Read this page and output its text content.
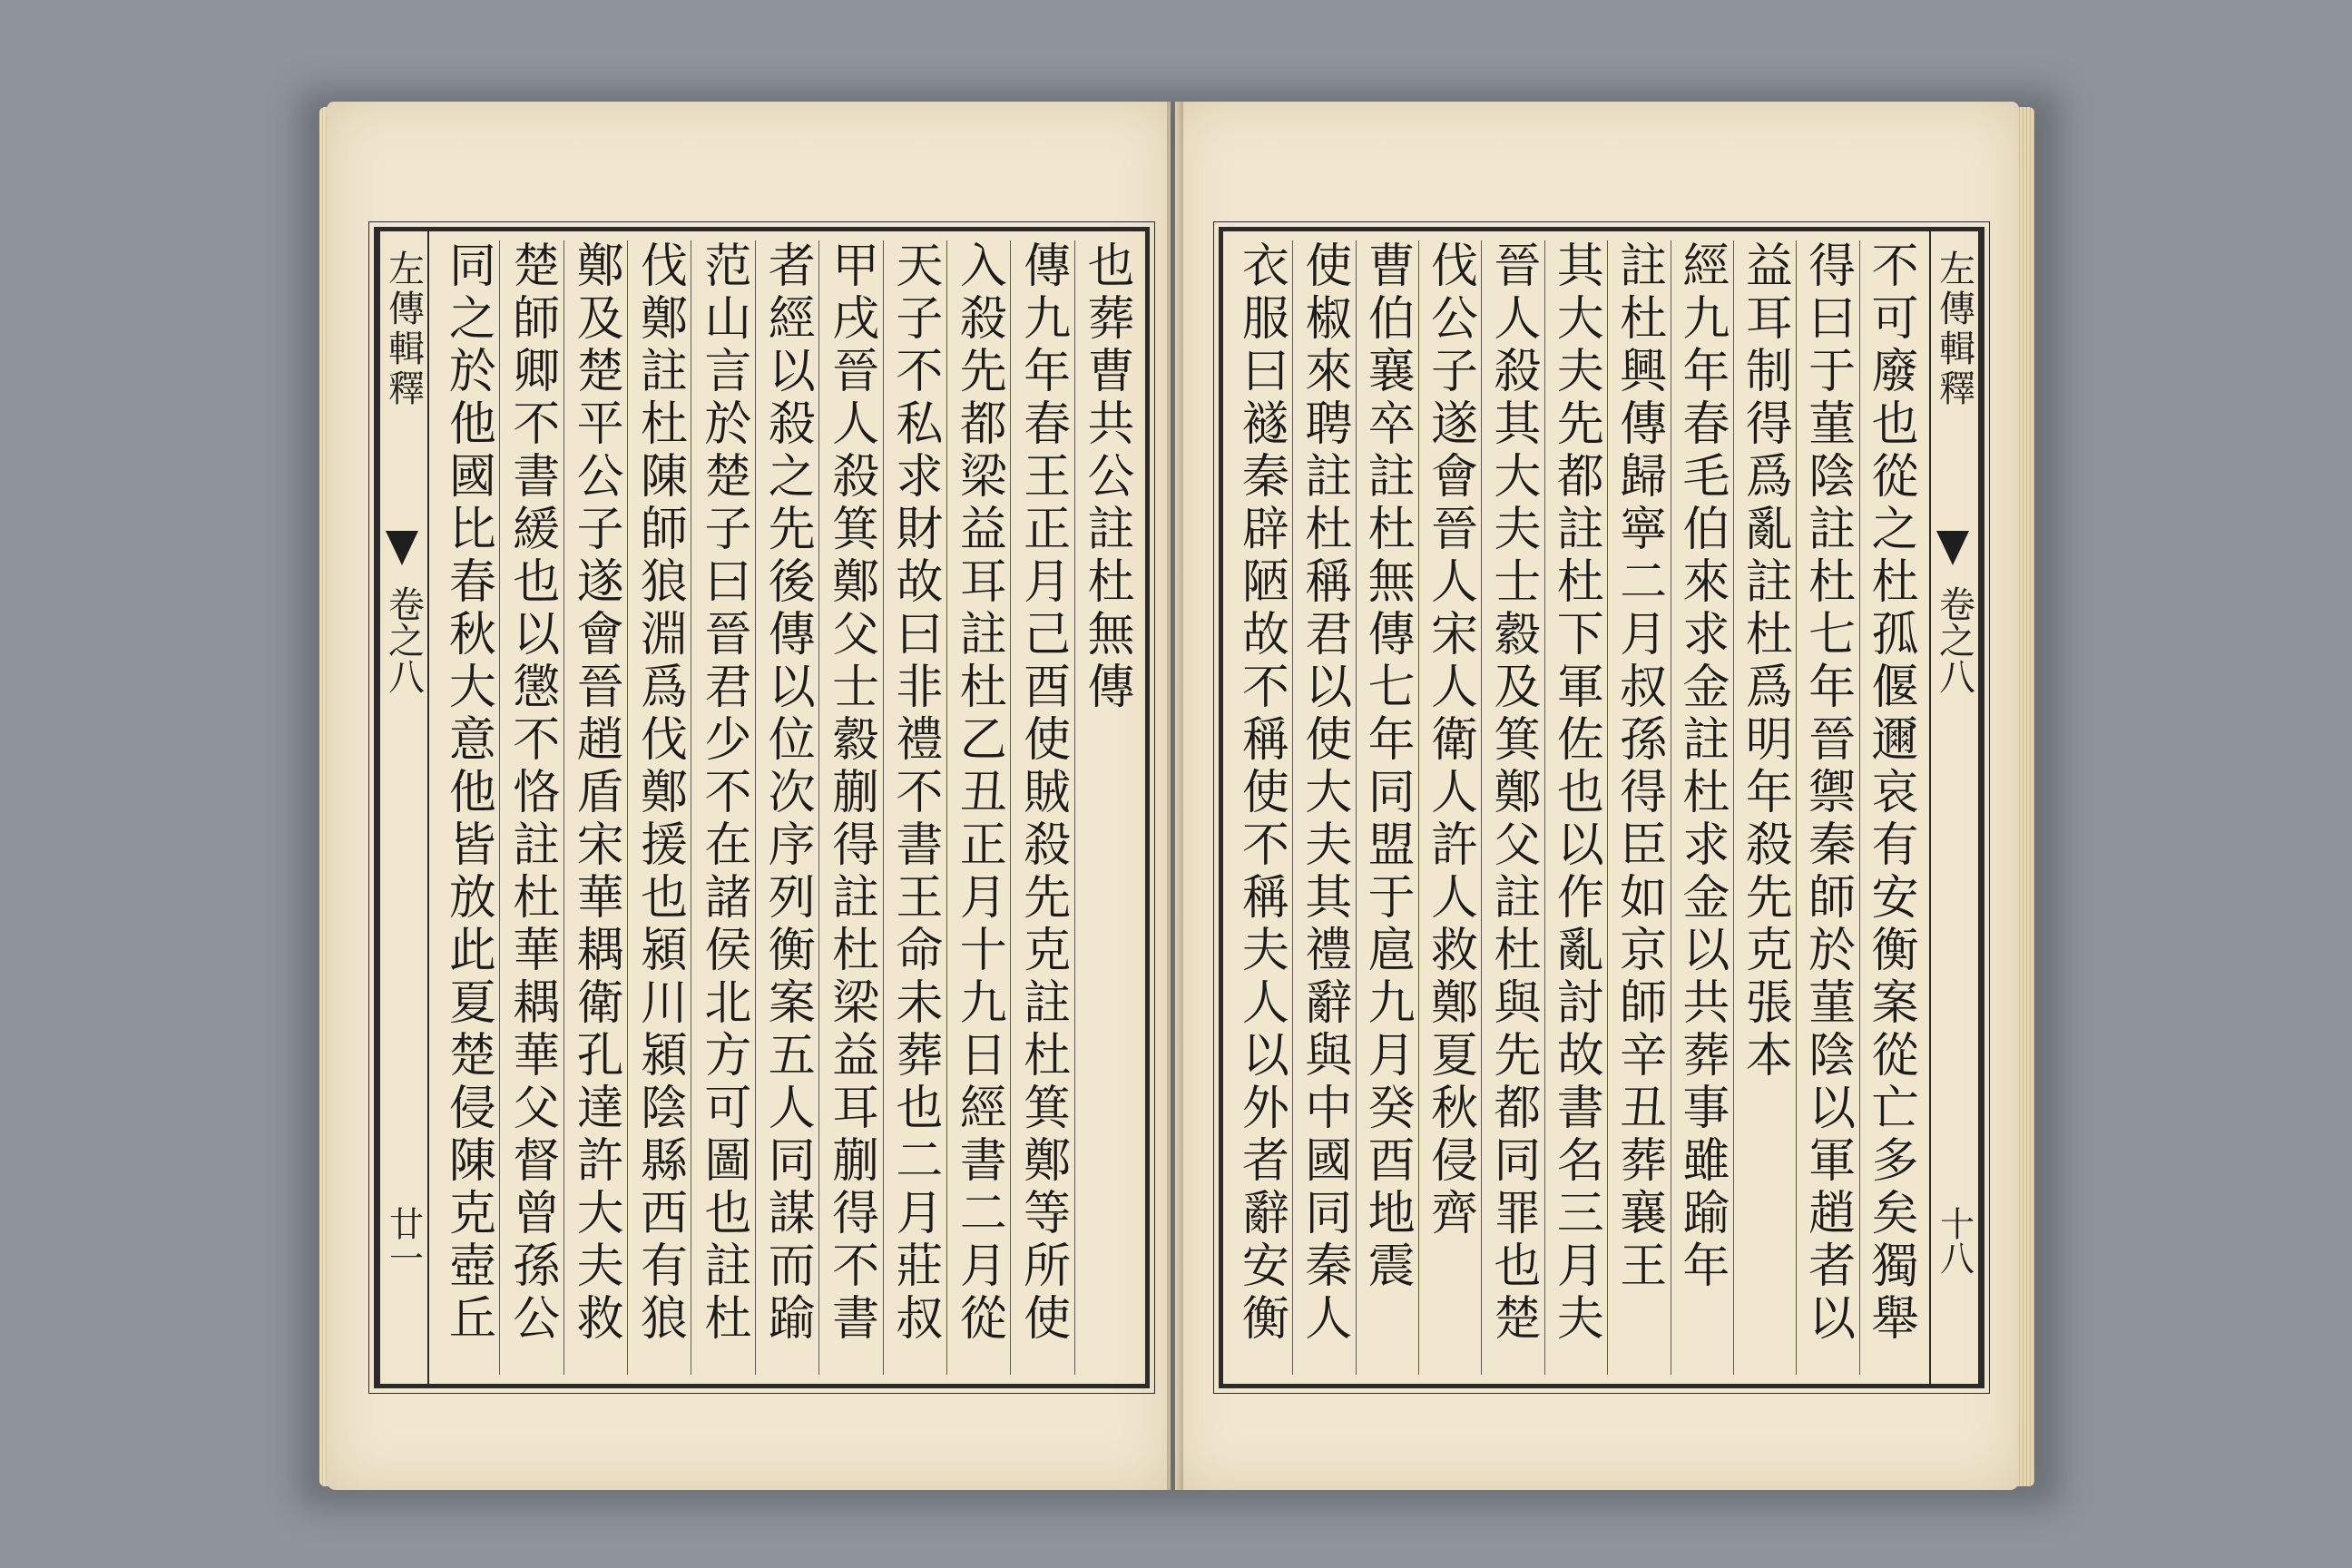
不可廢也從之杜孤偃邇哀有安衡案從亡多矣獨舉
得曰于菫陰註杜七年晉禦秦師於菫陰以軍趙者以
益耳制得爲亂註杜爲明年殺先克張本
經九年春毛伯來求金註杜求金以共葬事雖踰年
註杜興傳歸寧二月叔孫得臣如京師辛丑葬襄王
其大夫先都註杜下軍佐也以作亂討故書名三月夫
晉人殺其大夫士縠及箕鄭父註杜與先都同罪也楚
伐公子遂會晉人宋人衛人許人救鄭夏秋侵齊
曹伯襄卒註杜無傳七年同盟于扈九月癸酉地震
使椒來聘註杜稱君以使大夫其禮辭與中國同秦人
衣服曰襚秦辟陋故不稱使不稱夫人以外者辭安衡
左傳輯釋
卷之八
十八
左傳輯釋
卷之八
廿一
也葬曹共公註杜無傳
傳九年春王正月己酉使賊殺先克註杜箕鄭等所使
入殺先都梁益耳註杜乙丑正月十九日經書二月從
天子不私求財故曰非禮不書王命未葬也二月莊叔
甲戌晉人殺箕鄭父士縠蒯得註杜梁益耳蒯得不書
者經以殺之先後傳以位次序列衡案五人同謀而踰
范山言於楚子曰晉君少不在諸侯北方可圖也註杜
伐鄭註杜陳師狼淵爲伐鄭援也潁川潁陰縣西有狼
鄭及楚平公子遂會晉趙盾宋華耦衛孔達許大夫救
楚師卿不書緩也以懲不恪註杜華耦華父督曾孫公
同之於他國比春秋大意他皆放此夏楚侵陳克壺丘
